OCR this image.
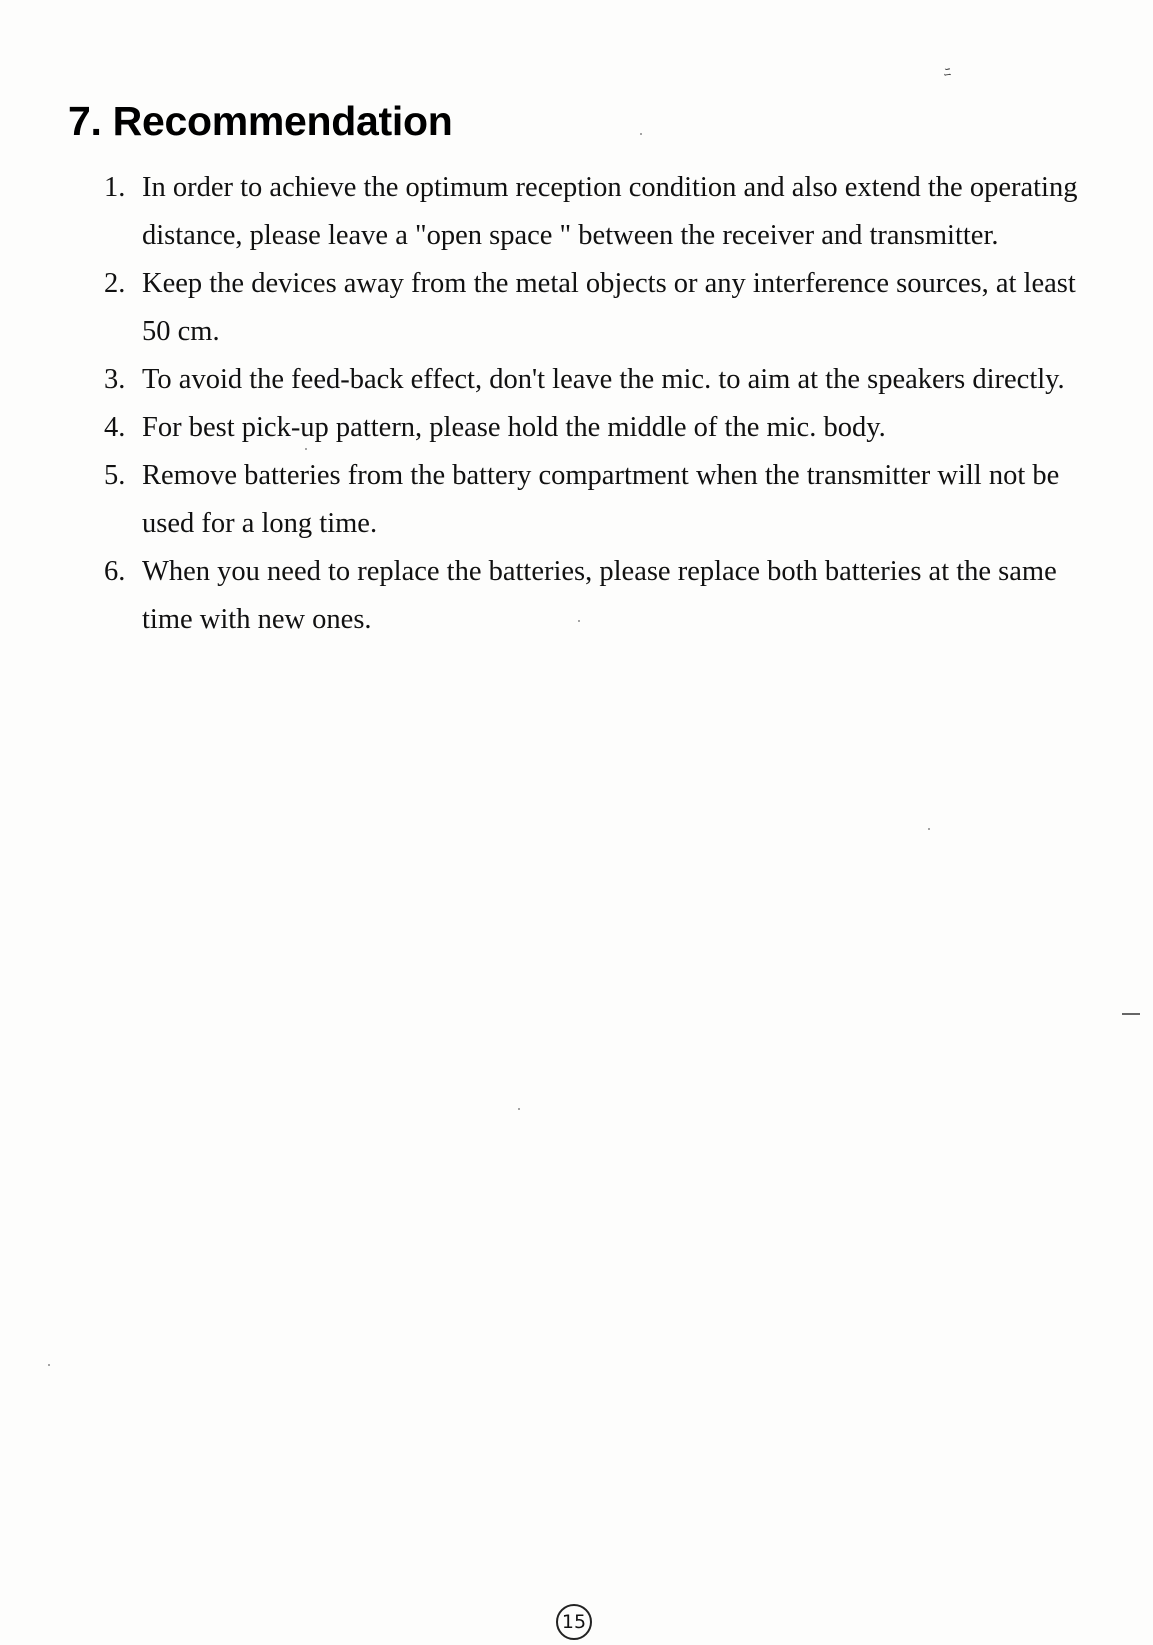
ﾆ
7. Recommendation
1. In order to achieve the optimum reception condition and also extend the operating distance, please leave a "open space " between the receiver and transmitter.
2. Keep the devices away from the metal objects or any interference sources, at least 50 cm.
3. To avoid the feed-back effect, don't leave the mic. to aim at the speakers directly.
4. For best pick-up pattern, please hold the middle of the mic. body.
5. Remove batteries from the battery compartment when the transmitter will not be used for a long time.
6. When you need to replace the batteries, please replace both batteries at the same time with new ones.
15
